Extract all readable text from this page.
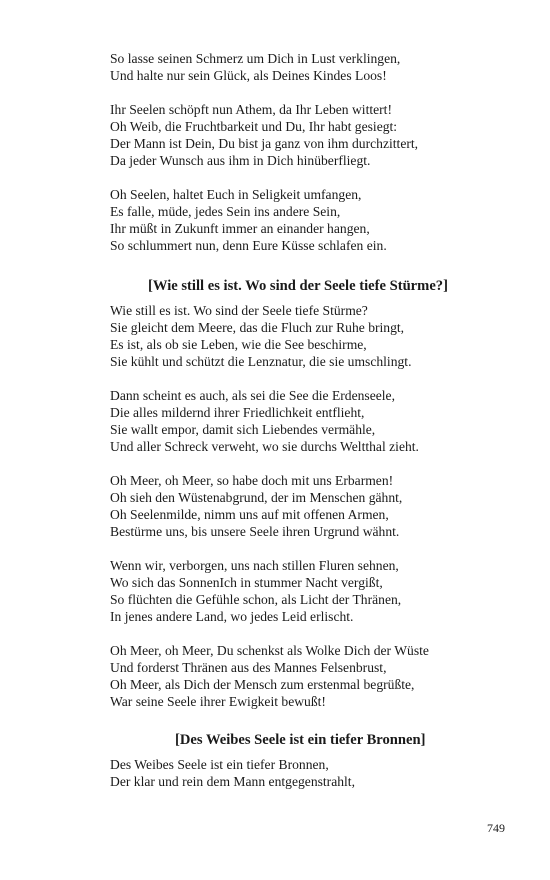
So lasse seinen Schmerz um Dich in Lust verklingen,
Und halte nur sein Glück, als Deines Kindes Loos!
Ihr Seelen schöpft nun Athem, da Ihr Leben wittert!
Oh Weib, die Fruchtbarkeit und Du, Ihr habt gesiegt:
Der Mann ist Dein, Du bist ja ganz von ihm durchzittert,
Da jeder Wunsch aus ihm in Dich hinüberfliegt.
Oh Seelen, haltet Euch in Seligkeit umfangen,
Es falle, müde, jedes Sein ins andere Sein,
Ihr müßt in Zukunft immer an einander hangen,
So schlummert nun, denn Eure Küsse schlafen ein.
[Wie still es ist. Wo sind der Seele tiefe Stürme?]
Wie still es ist. Wo sind der Seele tiefe Stürme?
Sie gleicht dem Meere, das die Fluch zur Ruhe bringt,
Es ist, als ob sie Leben, wie die See beschirme,
Sie kühlt und schützt die Lenznatur, die sie umschlingt.
Dann scheint es auch, als sei die See die Erdenseele,
Die alles mildernd ihrer Friedlichkeit entflieht,
Sie wallt empor, damit sich Liebendes vermähle,
Und aller Schreck verweht, wo sie durchs Weltthal zieht.
Oh Meer, oh Meer, so habe doch mit uns Erbarmen!
Oh sieh den Wüstenabgrund, der im Menschen gähnt,
Oh Seelenmilde, nimm uns auf mit offenen Armen,
Bestürme uns, bis unsere Seele ihren Urgrund wähnt.
Wenn wir, verborgen, uns nach stillen Fluren sehnen,
Wo sich das SonnenIch in stummer Nacht vergißt,
So flüchten die Gefühle schon, als Licht der Thränen,
In jenes andere Land, wo jedes Leid erlischt.
Oh Meer, oh Meer, Du schenkst als Wolke Dich der Wüste
Und forderst Thränen aus des Mannes Felsenbrust,
Oh Meer, als Dich der Mensch zum erstenmal begrüßte,
War seine Seele ihrer Ewigkeit bewußt!
[Des Weibes Seele ist ein tiefer Bronnen]
Des Weibes Seele ist ein tiefer Bronnen,
Der klar und rein dem Mann entgegenstrahlt,
749
